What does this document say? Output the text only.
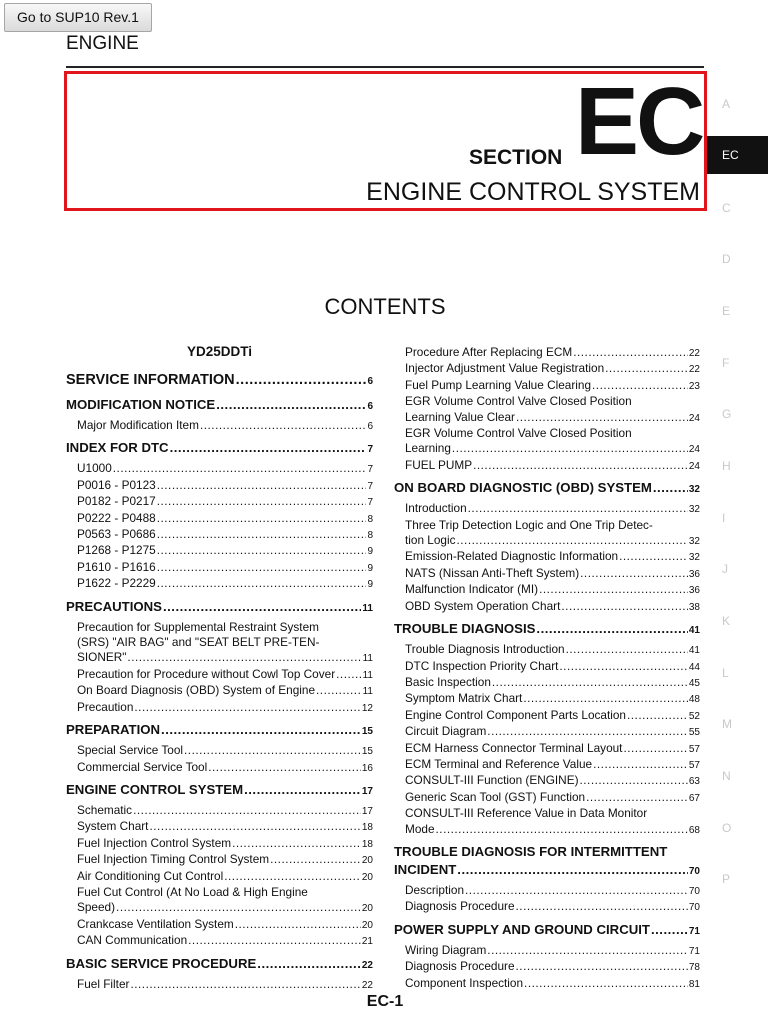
Go to SUP10 Rev.1
ENGINE
SECTION EC
ENGINE CONTROL SYSTEM
A
EC
C
D
E
F
G
H
I
J
K
L
M
N
O
P
CONTENTS
YD25DDTi
SERVICE INFORMATION .....	6
MODIFICATION NOTICE .....	6
Major Modification Item .....	6
INDEX FOR DTC .....	7
U1000 .....	7
P0016 - P0123 .....	7
P0182 - P0217 .....	7
P0222 - P0488 .....	8
P0563 - P0686 .....	8
P1268 - P1275 .....	9
P1610 - P1616 .....	9
P1622 - P2229 .....	9
PRECAUTIONS .....	11
Precaution for Supplemental Restraint System
(SRS) "AIR BAG" and "SEAT BELT PRE-TEN-
SIONER" .....	11
Precaution for Procedure without Cowl Top Cover .....	11
On Board Diagnosis (OBD) System of Engine .....	11
Precaution .....	12
PREPARATION .....	15
Special Service Tool .....	15
Commercial Service Tool .....	16
ENGINE CONTROL SYSTEM .....	17
Schematic .....	17
System Chart .....	18
Fuel Injection Control System .....	18
Fuel Injection Timing Control System .....	20
Air Conditioning Cut Control .....	20
Fuel Cut Control (At No Load & High Engine
Speed) .....	20
Crankcase Ventilation System .....	20
CAN Communication .....	21
BASIC SERVICE PROCEDURE .....	22
Fuel Filter .....	22
Procedure After Replacing ECM .....	22
Injector Adjustment Value Registration .....	22
Fuel Pump Learning Value Clearing .....	23
EGR Volume Control Valve Closed Position
Learning Value Clear .....	24
EGR Volume Control Valve Closed Position
Learning .....	24
FUEL PUMP .....	24
ON BOARD DIAGNOSTIC (OBD) SYSTEM .....	32
Introduction .....	32
Three Trip Detection Logic and One Trip Detec-
tion Logic .....	32
Emission-Related Diagnostic Information .....	32
NATS (Nissan Anti-Theft System) .....	36
Malfunction Indicator (MI) .....	36
OBD System Operation Chart .....	38
TROUBLE DIAGNOSIS .....	41
Trouble Diagnosis Introduction .....	41
DTC Inspection Priority Chart .....	44
Basic Inspection .....	45
Symptom Matrix Chart .....	48
Engine Control Component Parts Location .....	52
Circuit Diagram .....	55
ECM Harness Connector Terminal Layout .....	57
ECM Terminal and Reference Value .....	57
CONSULT-III Function (ENGINE) .....	63
Generic Scan Tool (GST) Function .....	67
CONSULT-III Reference Value in Data Monitor
Mode .....	68
TROUBLE DIAGNOSIS FOR INTERMITTENT
INCIDENT .....	70
Description .....	70
Diagnosis Procedure .....	70
POWER SUPPLY AND GROUND CIRCUIT .....	71
Wiring Diagram .....	71
Diagnosis Procedure .....	78
Component Inspection .....	81
EC-1
